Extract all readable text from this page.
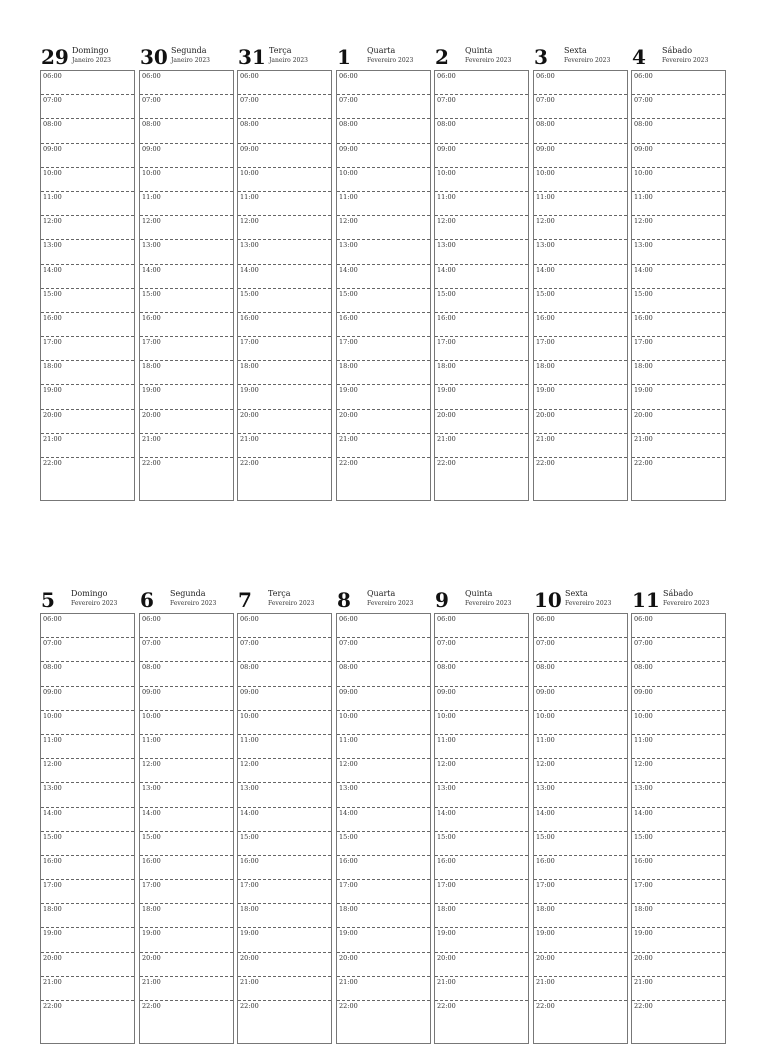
29 Domingo
Janeiro 2023
06:00
07:00
08:00
09:00
10:00
11:00
12:00
13:00
14:00
15:00
16:00
17:00
18:00
19:00
20:00
21:00
22:00
30 Segunda
Janeiro 2023
06:00
07:00
08:00
09:00
10:00
11:00
12:00
13:00
14:00
15:00
16:00
17:00
18:00
19:00
20:00
21:00
22:00
31 Terça
Janeiro 2023
06:00
07:00
08:00
09:00
10:00
11:00
12:00
13:00
14:00
15:00
16:00
17:00
18:00
19:00
20:00
21:00
22:00
1 Quarta
Fevereiro 2023
06:00
07:00
08:00
09:00
10:00
11:00
12:00
13:00
14:00
15:00
16:00
17:00
18:00
19:00
20:00
21:00
22:00
2 Quinta
Fevereiro 2023
06:00
07:00
08:00
09:00
10:00
11:00
12:00
13:00
14:00
15:00
16:00
17:00
18:00
19:00
20:00
21:00
22:00
3 Sexta
Fevereiro 2023
06:00
07:00
08:00
09:00
10:00
11:00
12:00
13:00
14:00
15:00
16:00
17:00
18:00
19:00
20:00
21:00
22:00
4 Sábado
Fevereiro 2023
06:00
07:00
08:00
09:00
10:00
11:00
12:00
13:00
14:00
15:00
16:00
17:00
18:00
19:00
20:00
21:00
22:00
5 Domingo
Fevereiro 2023
06:00
07:00
08:00
09:00
10:00
11:00
12:00
13:00
14:00
15:00
16:00
17:00
18:00
19:00
20:00
21:00
22:00
6 Segunda
Fevereiro 2023
06:00
07:00
08:00
09:00
10:00
11:00
12:00
13:00
14:00
15:00
16:00
17:00
18:00
19:00
20:00
21:00
22:00
7 Terça
Fevereiro 2023
06:00
07:00
08:00
09:00
10:00
11:00
12:00
13:00
14:00
15:00
16:00
17:00
18:00
19:00
20:00
21:00
22:00
8 Quarta
Fevereiro 2023
06:00
07:00
08:00
09:00
10:00
11:00
12:00
13:00
14:00
15:00
16:00
17:00
18:00
19:00
20:00
21:00
22:00
9 Quinta
Fevereiro 2023
06:00
07:00
08:00
09:00
10:00
11:00
12:00
13:00
14:00
15:00
16:00
17:00
18:00
19:00
20:00
21:00
22:00
10 Sexta
Fevereiro 2023
06:00
07:00
08:00
09:00
10:00
11:00
12:00
13:00
14:00
15:00
16:00
17:00
18:00
19:00
20:00
21:00
22:00
11 Sábado
Fevereiro 2023
06:00
07:00
08:00
09:00
10:00
11:00
12:00
13:00
14:00
15:00
16:00
17:00
18:00
19:00
20:00
21:00
22:00
